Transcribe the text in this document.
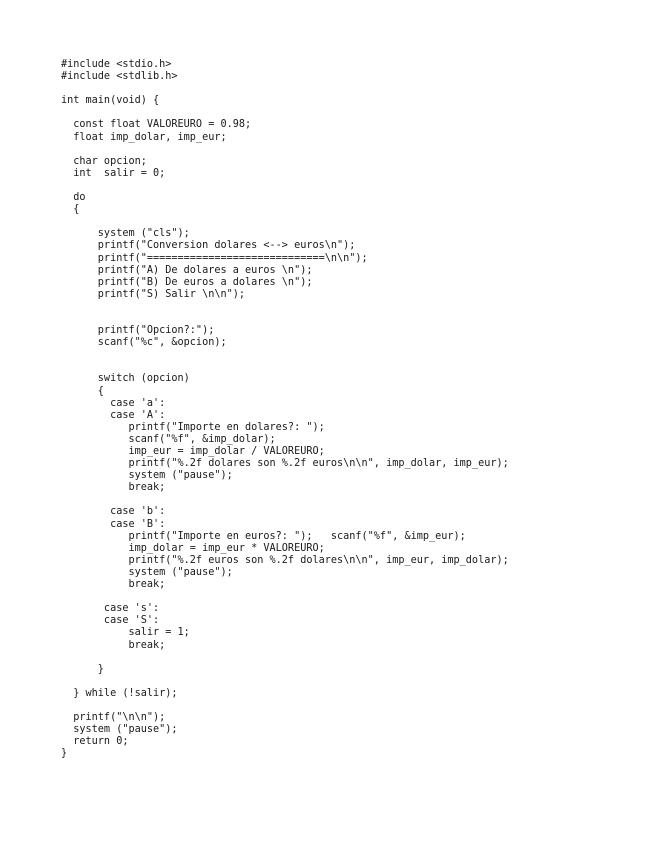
#include <stdio.h>
#include <stdlib.h>
int main(void) {
const float VALOREURO = 0.98;
float imp_dolar, imp_eur;
char opcion;
int  salir = 0;
do
{
system ("cls");
printf("Conversion dolares <--> euros\n");
printf("=============================\n\n");
printf("A) De dolares a euros \n");
printf("B) De euros a dolares \n");
printf("S) Salir \n\n");
printf("Opcion?:");
scanf("%c", &opcion);
switch (opcion)
{
case 'a':
case 'A':
printf("Importe en dolares?: ");
scanf("%f", &imp_dolar);
imp_eur = imp_dolar / VALOREURO;
printf("%.2f dolares son %.2f euros\n\n", imp_dolar, imp_eur);
system ("pause");
break;
case 'b':
case 'B':
printf("Importe en euros?: ");   scanf("%f", &imp_eur);
imp_dolar = imp_eur * VALOREURO;
printf("%.2f euros son %.2f dolares\n\n", imp_eur, imp_dolar);
system ("pause");
break;
case 's':
case 'S':
salir = 1;
break;
}
} while (!salir);
printf("\n\n");
system ("pause");
return 0;
}
